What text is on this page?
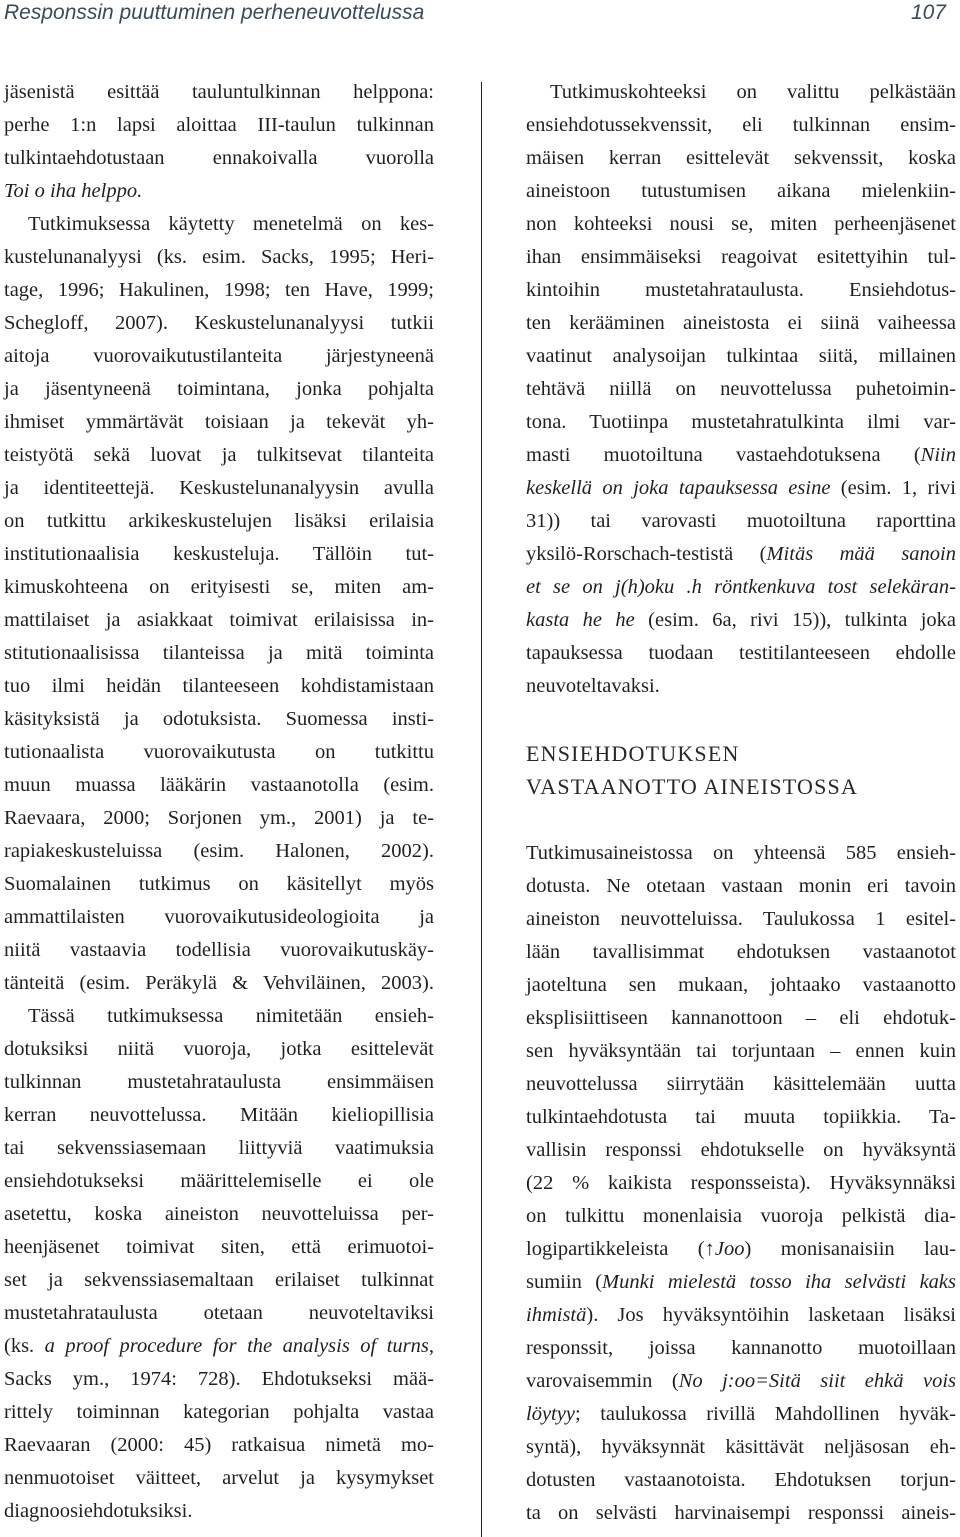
Responssin puuttuminen perheneuvottelussa	107
jäsenistä esittää tauluntulkinnan helppona:
perhe 1:n lapsi aloittaa III-taulun tulkinnan
tulkintaehdotustaan ennakoivalla vuorolla
Toi o iha helppo.
Tutkimuksessa käytetty menetelmä on kes-
kustelunanalyysi (ks. esim. Sacks, 1995; Heri-
tage, 1996; Hakulinen, 1998; ten Have, 1999;
Schegloff, 2007). Keskustelunanalyysi tutkii
aitoja vuorovaikutustilanteita järjestyneenä
ja jäsentyneenä toimintana, jonka pohjalta
ihmiset ymmärtävät toisiaan ja tekevät yh-
teistyötä sekä luovat ja tulkitsevat tilanteita
ja identiteettejä. Keskustelunanalyysin avulla
on tutkittu arkikeskustelujen lisäksi erilaisia
institutionaalisia keskusteluja. Tällöin tut-
kimuskohteena on erityisesti se, miten am-
mattilaiset ja asiakkaat toimivat erilaisissa in-
stitutionaalisissa tilanteissa ja mitä toiminta
tuo ilmi heidän tilanteeseen kohdistamistaan
käsityksistä ja odotuksista. Suomessa insti-
tutionaalista vuorovaikutusta on tutkittu
muun muassa lääkärin vastaanotolla (esim.
Raevaara, 2000; Sorjonen ym., 2001) ja te-
rapiakeskusteluissa (esim. Halonen, 2002).
Suomalainen tutkimus on käsitellyt myös
ammattilaisten vuorovaikutusideologioita ja
niitä vastaavia todellisia vuorovaikutuskäy-
tänteitä (esim. Peräkylä & Vehviläinen, 2003).
Tässä tutkimuksessa nimitetään ensieh-
dotuksiksi niitä vuoroja, jotka esittelevät
tulkinnan mustetahrataulusta ensimmäisen
kerran neuvottelussa. Mitään kieliopillisia
tai sekvenssiasemaan liittyviä vaatimuksia
ensiehdotukseksi määrittelemiselle ei ole
asetettu, koska aineiston neuvotteluissa per-
heenjäsenet toimivat siten, että erimuotoi-
set ja sekvenssiasemaltaan erilaiset tulkinnat
mustetahrataulusta otetaan neuvoteltaviksi
(ks. a proof procedure for the analysis of turns,
Sacks ym., 1974: 728). Ehdotukseksi mää-
rittely toiminnan kategorian pohjalta vastaa
Raevaaran (2000: 45) ratkaisua nimetä mo-
nenmuotoiset väitteet, arvelut ja kysymykset
diagnoosiehdotuksiksi.
Tutkimuskohteeksi on valittu pelkästään
ensiehdotussekvenssit, eli tulkinnan ensim-
mäisen kerran esittelevät sekvenssit, koska
aineistoon tutustumisen aikana mielenkiin-
non kohteeksi nousi se, miten perheenjäsenet
ihan ensimmäiseksi reagoivat esitettyihin tul-
kintoihin mustetahrataulusta. Ensiehdotus-
ten kerääminen aineistosta ei siinä vaiheessa
vaatinut analysoijan tulkintaa siitä, millainen
tehtävä niillä on neuvottelussa puhetoimin-
tona. Tuotiinpa mustetahratulkinta ilmi var-
masti muotoiltuna vastaehdotuksena (Niin
keskellä on joka tapauksessa esine (esim. 1, rivi
31)) tai varovasti muotoiltuna raporttina
yksilö-Rorschach-testistä (Mitäs mää sanoin
et se on j(h)oku .h röntkenkuva tost selekäran-
kasta he he (esim. 6a, rivi 15)), tulkinta joka
tapauksessa tuodaan testitilanteeseen ehdolle
neuvoteltavaksi.
ENSIEHDOTUKSEN
VASTAANOTTO AINEISTOSSA
Tutkimusaineistossa on yhteensä 585 ensieh-
dotusta. Ne otetaan vastaan monin eri tavoin
aineiston neuvotteluissa. Taulukossa 1 esitel-
lään tavallisimmat ehdotuksen vastaanotot
jaoteltuna sen mukaan, johtaako vastaanotto
eksplisiittiseen kannanottoon – eli ehdotuk-
sen hyväksyntään tai torjuntaan – ennen kuin
neuvottelussa siirrytään käsittelemään uutta
tulkintaehdotusta tai muuta topiikkia. Ta-
vallisin responssi ehdotukselle on hyväksyntä
(22 % kaikista responsseista). Hyväksynnäksi
on tulkittu monenlaisia vuoroja pelkistä dia-
logipartikkeleista (↑Joo) monisanaisiin lau-
sumiin (Munki mielestä tosso iha selvästi kaks
ihmistä). Jos hyväksyntöihin lasketaan lisäksi
responssit, joissa kannanotto muotoillaan
varovaisemmin (No j:oo=Sitä siit ehkä vois
löytyy; taulukossa rivillä Mahdollinen hyväk-
syntä), hyväksynnät käsittävät neljäsosan eh-
dotusten vastaanotoista. Ehdotuksen torjun-
ta on selvästi harvinaisempi responssi aineis-
